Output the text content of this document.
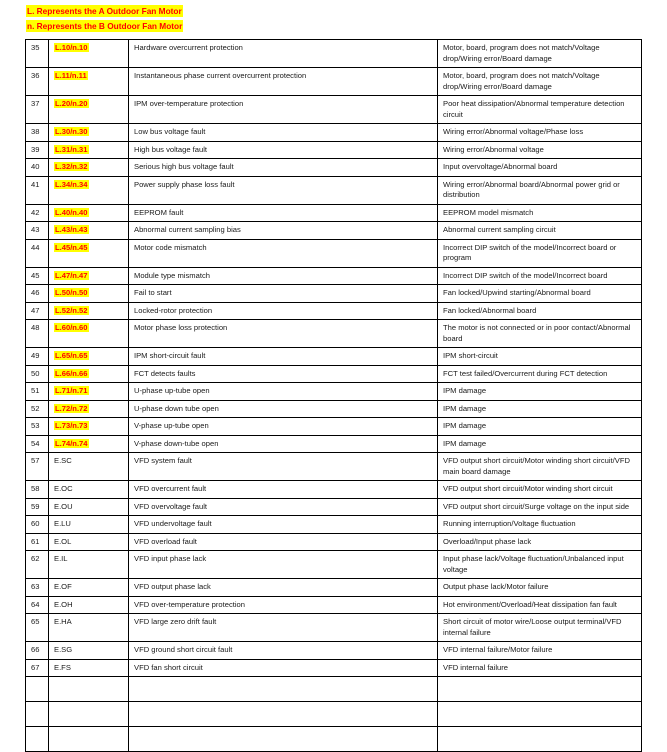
L. Represents the A Outdoor Fan Motor
n. Represents the B Outdoor Fan Motor
35	L.10/n.10	Hardware overcurrent protection	Motor, board, program does not match/Voltage drop/Wiring error/Board damage
36	L.11/n.11	Instantaneous phase current overcurrent protection	Motor, board, program does not match/Voltage drop/Wiring error/Board damage
37	L.20/n.20	IPM over-temperature protection	Poor heat dissipation/Abnormal temperature detection circuit
38	L.30/n.30	Low bus voltage fault	Wiring error/Abnormal voltage/Phase loss
39	L.31/n.31	High bus voltage fault	Wiring error/Abnormal voltage
40	L.32/n.32	Serious high bus voltage fault	Input overvoltage/Abnormal board
41	L.34/n.34	Power supply phase loss fault	Wiring error/Abnormal board/Abnormal power grid or distribution
42	L.40/n.40	EEPROM fault	EEPROM model mismatch
43	L.43/n.43	Abnormal current sampling bias	Abnormal current sampling circuit
44	L.45/n.45	Motor code mismatch	Incorrect DIP switch of the model/Incorrect board or program
45	L.47/n.47	Module type mismatch	Incorrect DIP switch of the model/Incorrect board
46	L.50/n.50	Fail to start	Fan locked/Upwind starting/Abnormal board
47	L.52/n.52	Locked-rotor protection	Fan locked/Abnormal board
48	L.60/n.60	Motor phase loss protection	The motor is not connected or in poor contact/Abnormal board
49	L.65/n.65	IPM short-circuit fault	IPM short-circuit
50	L.66/n.66	FCT detects faults	FCT test failed/Overcurrent during FCT detection
51	L.71/n.71	U-phase up-tube open	IPM damage
52	L.72/n.72	U-phase down tube open	IPM damage
53	L.73/n.73	V-phase up-tube open	IPM damage
54	L.74/n.74	V-phase down-tube open	IPM damage
57	E.SC	VFD system fault	VFD output short circuit/Motor winding short circuit/VFD main board damage
58	E.OC	VFD overcurrent fault	VFD output short circuit/Motor winding short circuit
59	E.OU	VFD overvoltage fault	VFD output short circuit/Surge voltage on the input side
60	E.LU	VFD undervoltage fault	Running interruption/Voltage fluctuation
61	E.OL	VFD overload fault	Overload/Input phase lack
62	E.IL	VFD input phase lack	Input phase lack/Voltage fluctuation/Unbalanced input voltage
63	E.OF	VFD output phase lack	Output phase lack/Motor failure
64	E.OH	VFD over-temperature protection	Hot environment/Overload/Heat dissipation fan fault
65	E.HA	VFD large zero drift fault	Short circuit of motor wire/Loose output terminal/VFD internal failure
66	E.SG	VFD ground short circuit fault	VFD internal failure/Motor failure
67	E.FS	VFD fan short circuit	VFD internal failure
